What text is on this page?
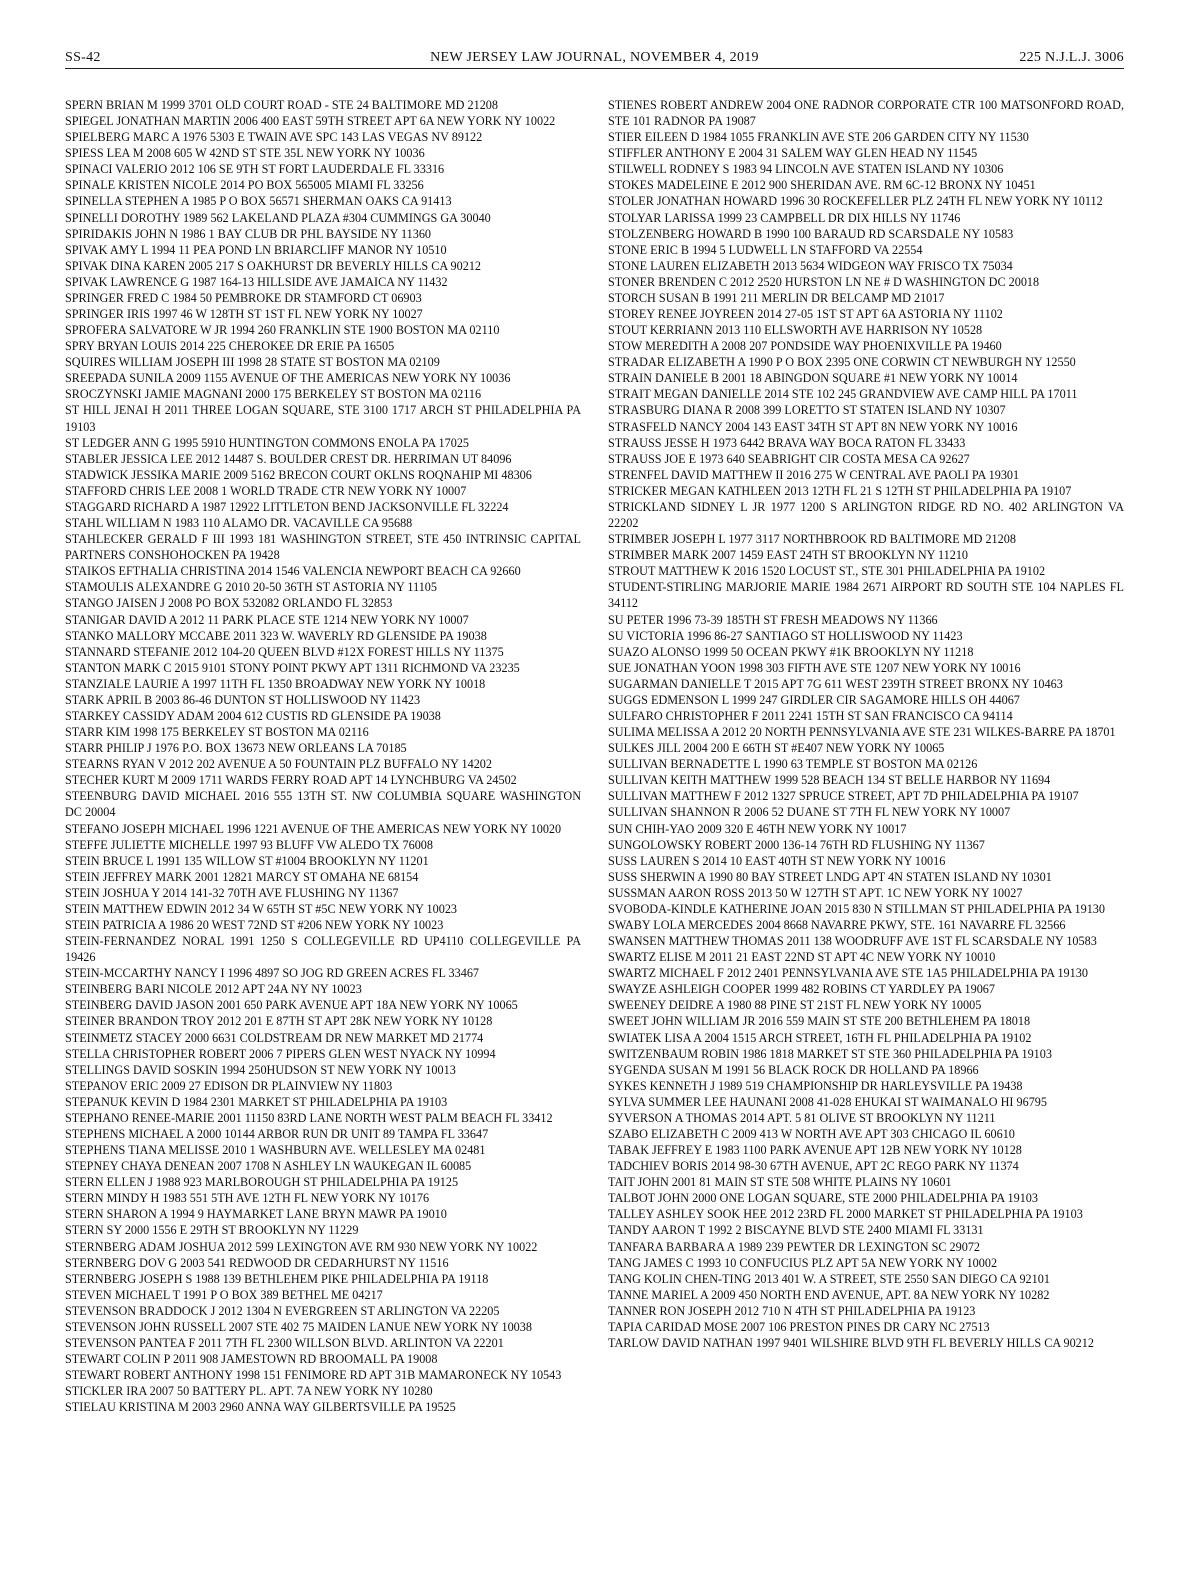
SS-42	NEW JERSEY LAW JOURNAL, NOVEMBER 4, 2019	225 N.J.L.J. 3006

SPERN BRIAN M 1999 3701 OLD COURT ROAD - STE 24 BALTIMORE MD 21208

SPIEGEL JONATHAN MARTIN 2006 400 EAST 59TH STREET APT 6A NEW YORK NY 10022

SPIELBERG MARC A 1976 5303 E TWAIN AVE SPC 143 LAS VEGAS NV 89122

SPIESS LEA M 2008 605 W 42ND ST STE 35L NEW YORK NY 10036

SPINACI VALERIO 2012 106 SE 9TH ST FORT LAUDERDALE FL 33316

SPINALE KRISTEN NICOLE 2014 PO BOX 565005 MIAMI FL 33256

SPINELLA STEPHEN A 1985 P O BOX 56571 SHERMAN OAKS CA 91413

SPINELLI DOROTHY 1989 562 LAKELAND PLAZA #304 CUMMINGS GA 30040

SPIRIDAKIS JOHN N 1986 1 BAY CLUB DR PHL BAYSIDE NY 11360

SPIVAK AMY L 1994 11 PEA POND LN BRIARCLIFF MANOR NY 10510

SPIVAK DINA KAREN 2005 217 S OAKHURST DR BEVERLY HILLS CA 90212

SPIVAK LAWRENCE G 1987 164-13 HILLSIDE AVE JAMAICA NY 11432

SPRINGER FRED C 1984 50 PEMBROKE DR STAMFORD CT 06903

SPRINGER IRIS 1997 46 W 128TH ST 1ST FL NEW YORK NY 10027

SPROFERA SALVATORE W JR 1994 260 FRANKLIN STE 1900 BOSTON MA 02110

SPRY BRYAN LOUIS 2014 225 CHEROKEE DR ERIE PA 16505

SQUIRES WILLIAM JOSEPH III 1998 28 STATE ST BOSTON MA 02109

SREEPADA SUNILA 2009 1155 AVENUE OF THE AMERICAS NEW YORK NY 10036

SROCZYNSKI JAMIE MAGNANI 2000 175 BERKELEY ST BOSTON MA 02116

ST HILL JENAI H 2011 THREE LOGAN SQUARE, STE 3100 1717 ARCH ST PHILADELPHIA PA 19103

ST LEDGER ANN G 1995 5910 HUNTINGTON COMMONS ENOLA PA 17025

STABLER JESSICA LEE 2012 14487 S. BOULDER CREST DR. HERRIMAN UT 84096

STADWICK JESSIKA MARIE 2009 5162 BRECON COURT OKLNS ROQNAHIP MI 48306

STAFFORD CHRIS LEE 2008 1 WORLD TRADE CTR NEW YORK NY 10007

STAGGARD RICHARD A 1987 12922 LITTLETON BEND JACKSONVILLE FL 32224

STAHL WILLIAM N 1983 110 ALAMO DR. VACAVILLE CA 95688

STAHLECKER GERALD F III 1993 181 WASHINGTON STREET, STE 450 INTRINSIC CAPITAL PARTNERS CONSHOHOCKEN PA 19428

STAIKOS EFTHALIA CHRISTINA 2014 1546 VALENCIA NEWPORT BEACH CA 92660

STAMOULIS ALEXANDRE G 2010 20-50 36TH ST ASTORIA NY 11105

STANGO JAISEN J 2008 PO BOX 532082 ORLANDO FL 32853

STANIGAR DAVID A 2012 11 PARK PLACE STE 1214 NEW YORK NY 10007

STANKO MALLORY MCCABE 2011 323 W. WAVERLY RD GLENSIDE PA 19038

STANNARD STEFANIE 2012 104-20 QUEEN BLVD #12X FOREST HILLS NY 11375

STANTON MARK C 2015 9101 STONY POINT PKWY APT 1311 RICHMOND VA 23235

STANZIALE LAURIE A 1997 11TH FL 1350 BROADWAY NEW YORK NY 10018

STARK APRIL B 2003 86-46 DUNTON ST HOLLISWOOD NY 11423

STARKEY CASSIDY ADAM 2004 612 CUSTIS RD GLENSIDE PA 19038

STARR KIM 1998 175 BERKELEY ST BOSTON MA 02116

STARR PHILIP J 1976 P.O. BOX 13673 NEW ORLEANS LA 70185

STEARNS RYAN V 2012 202 AVENUE A 50 FOUNTAIN PLZ BUFFALO NY 14202

STECHER KURT M 2009 1711 WARDS FERRY ROAD APT 14 LYNCHBURG VA 24502

STEENBURG DAVID MICHAEL 2016 555 13TH ST. NW COLUMBIA SQUARE WASHINGTON DC 20004

STEFANO JOSEPH MICHAEL 1996 1221 AVENUE OF THE AMERICAS NEW YORK NY 10020

STEFFE JULIETTE MICHELLE 1997 93 BLUFF VW ALEDO TX 76008

STEIN BRUCE L 1991 135 WILLOW ST #1004 BROOKLYN NY 11201

STEIN JEFFREY MARK 2001 12821 MARCY ST OMAHA NE 68154

STEIN JOSHUA Y 2014 141-32 70TH AVE FLUSHING NY 11367

STEIN MATTHEW EDWIN 2012 34 W 65TH ST #5C NEW YORK NY 10023

STEIN PATRICIA A 1986 20 WEST 72ND ST #206 NEW YORK NY 10023

STEIN-FERNANDEZ NORAL 1991 1250 S COLLEGEVILLE RD UP4110 COLLEGEVILLE PA 19426

STEIN-MCCARTHY NANCY I 1996 4897 SO JOG RD GREEN ACRES FL 33467

STEINBERG BARI NICOLE 2012 APT 24A NY NY 10023

STEINBERG DAVID JASON 2001 650 PARK AVENUE APT 18A NEW YORK NY 10065

STEINER BRANDON TROY 2012 201 E 87TH ST APT 28K NEW YORK NY 10128

STEINMETZ STACEY 2000 6631 COLDSTREAM DR NEW MARKET MD 21774

STELLA CHRISTOPHER ROBERT 2006 7 PIPERS GLEN WEST NYACK NY 10994

STELLINGS DAVID SOSKIN 1994 250HUDSON ST NEW YORK NY 10013

STEPANOV ERIC 2009 27 EDISON DR PLAINVIEW NY 11803

STEPANUK KEVIN D 1984 2301 MARKET ST PHILADELPHIA PA 19103

STEPHANO RENEE-MARIE 2001 11150 83RD LANE NORTH WEST PALM BEACH FL 33412

STEPHENS MICHAEL A 2000 10144 ARBOR RUN DR UNIT 89 TAMPA FL 33647

STEPHENS TIANA MELISSE 2010 1 WASHBURN AVE. WELLESLEY MA 02481

STEPNEY CHAYA DENEAN 2007 1708 N ASHLEY LN WAUKEGAN IL 60085

STERN ELLEN J 1988 923 MARLBOROUGH ST PHILADELPHIA PA 19125

STERN MINDY H 1983 551 5TH AVE 12TH FL NEW YORK NY 10176

STERN SHARON A 1994 9 HAYMARKET LANE BRYN MAWR PA 19010

STERN SY 2000 1556 E 29TH ST BROOKLYN NY 11229

STERNBERG ADAM JOSHUA 2012 599 LEXINGTON AVE RM 930 NEW YORK NY 10022

STERNBERG DOV G 2003 541 REDWOOD DR CEDARHURST NY 11516

STERNBERG JOSEPH S 1988 139 BETHLEHEM PIKE PHILADELPHIA PA 19118

STEVEN MICHAEL T 1991 P O BOX 389 BETHEL ME 04217

STEVENSON BRADDOCK J 2012 1304 N EVERGREEN ST ARLINGTON VA 22205

STEVENSON JOHN RUSSELL 2007 STE 402 75 MAIDEN LANUE NEW YORK NY 10038

STEVENSON PANTEA F 2011 7TH FL 2300 WILLSON BLVD. ARLINTON VA 22201

STEWART COLIN P 2011 908 JAMESTOWN RD BROOMALL PA 19008

STEWART ROBERT ANTHONY 1998 151 FENIMORE RD APT 31B MAMARONECK NY 10543

STICKLER IRA 2007 50 BATTERY PL. APT. 7A NEW YORK NY 10280

STIELAU KRISTINA M 2003 2960 ANNA WAY GILBERTSVILLE PA 19525

STIENES ROBERT ANDREW 2004 ONE RADNOR CORPORATE CTR 100 MATSONFORD ROAD, STE 101 RADNOR PA 19087

STIER EILEEN D 1984 1055 FRANKLIN AVE STE 206 GARDEN CITY NY 11530

STIFFLER ANTHONY E 2004 31 SALEM WAY GLEN HEAD NY 11545

STILWELL RODNEY S 1983 94 LINCOLN AVE STATEN ISLAND NY 10306

STOKES MADELEINE E 2012 900 SHERIDAN AVE. RM 6C-12 BRONX NY 10451

STOLER JONATHAN HOWARD 1996 30 ROCKEFELLER PLZ 24TH FL NEW YORK NY 10112

STOLYAR LARISSA 1999 23 CAMPBELL DR DIX HILLS NY 11746

STOLZENBERG HOWARD B 1990 100 BARAUD RD SCARSDALE NY 10583

STONE ERIC B 1994 5 LUDWELL LN STAFFORD VA 22554

STONE LAUREN ELIZABETH 2013 5634 WIDGEON WAY FRISCO TX 75034

STONER BRENDEN C 2012 2520 HURSTON LN NE # D WASHINGTON DC 20018

STORCH SUSAN B 1991 211 MERLIN DR BELCAMP MD 21017

STOREY RENEE JOYREEN 2014 27-05 1ST ST APT 6A ASTORIA NY 11102

STOUT KERRIANN 2013 110 ELLSWORTH AVE HARRISON NY 10528

STOW MEREDITH A 2008 207 PONDSIDE WAY PHOENIXVILLE PA 19460

STRADAR ELIZABETH A 1990 P O BOX 2395 ONE CORWIN CT NEWBURGH NY 12550

STRAIN DANIELE B 2001 18 ABINGDON SQUARE #1 NEW YORK NY 10014

STRAIT MEGAN DANIELLE 2014 STE 102 245 GRANDVIEW AVE CAMP HILL PA 17011

STRASBURG DIANA R 2008 399 LORETTO ST STATEN ISLAND NY 10307

STRASFELD NANCY 2004 143 EAST 34TH ST APT 8N NEW YORK NY 10016

STRAUSS JESSE H 1973 6442 BRAVA WAY BOCA RATON FL 33433

STRAUSS JOE E 1973 640 SEABRIGHT CIR COSTA MESA CA 92627

STRENFEL DAVID MATTHEW II 2016 275 W CENTRAL AVE PAOLI PA 19301

STRICKER MEGAN KATHLEEN 2013 12TH FL 21 S 12TH ST PHILADELPHIA PA 19107

STRICKLAND SIDNEY L JR 1977 1200 S ARLINGTON RIDGE RD NO. 402 ARLINGTON VA 22202

STRIMBER JOSEPH L 1977 3117 NORTHBROOK RD BALTIMORE MD 21208

STRIMBER MARK 2007 1459 EAST 24TH ST BROOKLYN NY 11210

STROUT MATTHEW K 2016 1520 LOCUST ST., STE 301 PHILADELPHIA PA 19102

STUDENT-STIRLING MARJORIE MARIE 1984 2671 AIRPORT RD SOUTH STE 104 NAPLES FL 34112

SU PETER 1996 73-39 185TH ST FRESH MEADOWS NY 11366

SU VICTORIA 1996 86-27 SANTIAGO ST HOLLISWOOD NY 11423

SUAZO ALONSO 1999 50 OCEAN PKWY #1K BROOKLYN NY 11218

SUE JONATHAN YOON 1998 303 FIFTH AVE STE 1207 NEW YORK NY 10016

SUGARMAN DANIELLE T 2015 APT 7G 611 WEST 239TH STREET BRONX NY 10463

SUGGS EDMENSON L 1999 247 GIRDLER CIR SAGAMORE HILLS OH 44067

SULFARO CHRISTOPHER F 2011 2241 15TH ST SAN FRANCISCO CA 94114

SULIMA MELISSA A 2012 20 NORTH PENNSYLVANIA AVE STE 231 WILKES-BARRE PA 18701

SULKES JILL 2004 200 E 66TH ST #E407 NEW YORK NY 10065

SULLIVAN BERNADETTE L 1990 63 TEMPLE ST BOSTON MA 02126

SULLIVAN KEITH MATTHEW 1999 528 BEACH 134 ST BELLE HARBOR NY 11694

SULLIVAN MATTHEW F 2012 1327 SPRUCE STREET, APT 7D PHILADELPHIA PA 19107

SULLIVAN SHANNON R 2006 52 DUANE ST 7TH FL NEW YORK NY 10007

SUN CHIH-YAO 2009 320 E 46TH NEW YORK NY 10017

SUNGOLOWSKY ROBERT 2000 136-14 76TH RD FLUSHING NY 11367

SUSS LAUREN S 2014 10 EAST 40TH ST NEW YORK NY 10016

SUSS SHERWIN A 1990 80 BAY STREET LNDG APT 4N STATEN ISLAND NY 10301

SUSSMAN AARON ROSS 2013 50 W 127TH ST APT. 1C NEW YORK NY 10027

SVOBODA-KINDLE KATHERINE JOAN 2015 830 N STILLMAN ST PHILADELPHIA PA 19130

SWABY LOLA MERCEDES 2004 8668 NAVARRE PKWY, STE. 161 NAVARRE FL 32566

SWANSEN MATTHEW THOMAS 2011 138 WOODRUFF AVE 1ST FL SCARSDALE NY 10583

SWARTZ ELISE M 2011 21 EAST 22ND ST APT 4C NEW YORK NY 10010

SWARTZ MICHAEL F 2012 2401 PENNSYLVANIA AVE STE 1A5 PHILADELPHIA PA 19130

SWAYZE ASHLEIGH COOPER 1999 482 ROBINS CT YARDLEY PA 19067

SWEENEY DEIDRE A 1980 88 PINE ST 21ST FL NEW YORK NY 10005

SWEET JOHN WILLIAM JR 2016 559 MAIN ST STE 200 BETHLEHEM PA 18018

SWIATEK LISA A 2004 1515 ARCH STREET, 16TH FL PHILADELPHIA PA 19102

SWITZENBAUM ROBIN 1986 1818 MARKET ST STE 360 PHILADELPHIA PA 19103

SYGENDA SUSAN M 1991 56 BLACK ROCK DR HOLLAND PA 18966

SYKES KENNETH J 1989 519 CHAMPIONSHIP DR HARLEYSVILLE PA 19438

SYLVA SUMMER LEE HAUNANI 2008 41-028 EHUKAI ST WAIMANALO HI 96795

SYVERSON A THOMAS 2014 APT. 5 81 OLIVE ST BROOKLYN NY 11211

SZABO ELIZABETH C 2009 413 W NORTH AVE APT 303 CHICAGO IL 60610

TABAK JEFFREY E 1983 1100 PARK AVENUE APT 12B NEW YORK NY 10128

TADCHIEV BORIS 2014 98-30 67TH AVENUE, APT 2C REGO PARK NY 11374

TAIT JOHN 2001 81 MAIN ST STE 508 WHITE PLAINS NY 10601

TALBOT JOHN 2000 ONE LOGAN SQUARE, STE 2000 PHILADELPHIA PA 19103

TALLEY ASHLEY SOOK HEE 2012 23RD FL 2000 MARKET ST PHILADELPHIA PA 19103

TANDY AARON T 1992 2 BISCAYNE BLVD STE 2400 MIAMI FL 33131

TANFARA BARBARA A 1989 239 PEWTER DR LEXINGTON SC 29072

TANG JAMES C 1993 10 CONFUCIUS PLZ APT 5A NEW YORK NY 10002

TANG KOLIN CHEN-TING 2013 401 W. A STREET, STE 2550 SAN DIEGO CA 92101

TANNE MARIEL A 2009 450 NORTH END AVENUE, APT. 8A NEW YORK NY 10282

TANNER RON JOSEPH 2012 710 N 4TH ST PHILADELPHIA PA 19123

TAPIA CARIDAD MOSE 2007 106 PRESTON PINES DR CARY NC 27513

TARLOW DAVID NATHAN 1997 9401 WILSHIRE BLVD 9TH FL BEVERLY HILLS CA 90212
